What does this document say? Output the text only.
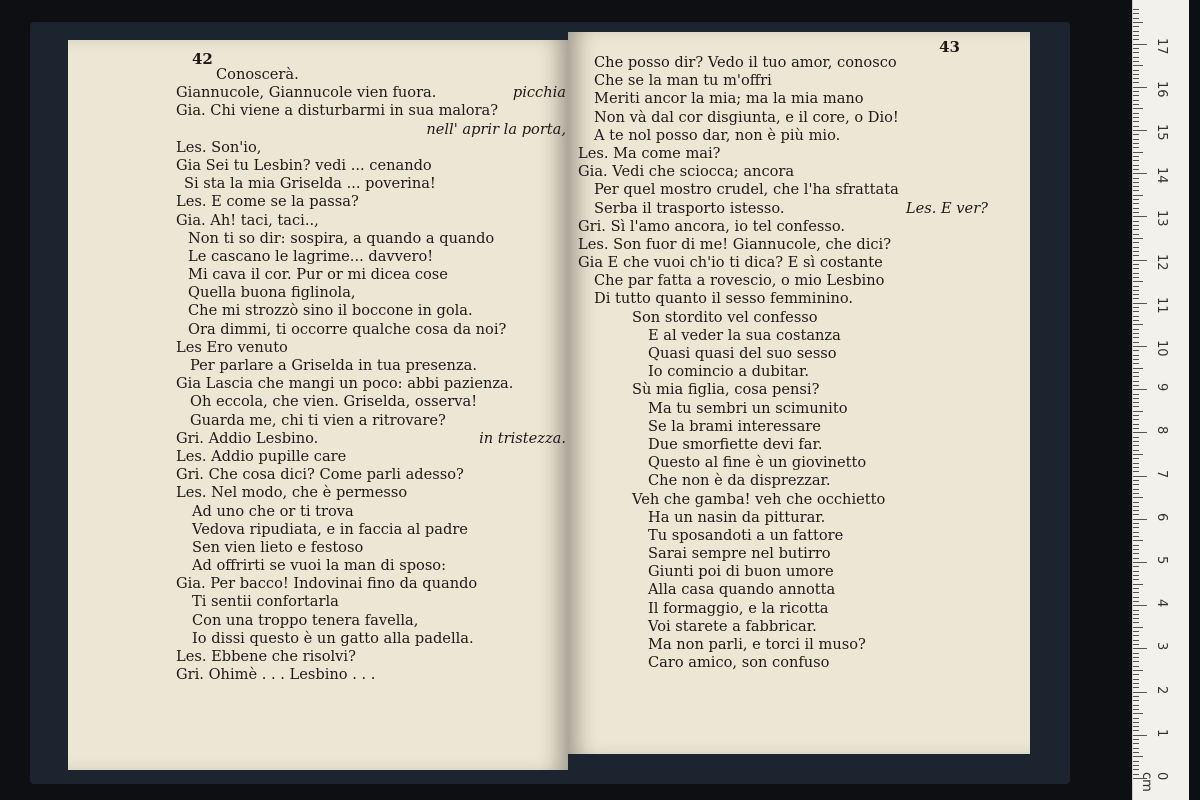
42
Conoscerà.
Giannucole, Giannucole vien fuora.	picchia
Gia. Chi viene a disturbarmi in sua malora?
nell' aprir la porta,
Les. Son'io,
Gia Sei tu Lesbin? vedi ... cenando
Si sta la mia Griselda ... poverina!
Les. E come se la passa?
Gia. Ah! taci, taci..,
Non ti so dir: sospira, a quando a quando
Le cascano le lagrime... davvero!
Mi cava il cor. Pur or mi dicea cose
Quella buona figlinola,
Che mi strozzò sino il boccone in gola.
Ora dimmi, ti occorre qualche cosa da noi?
Les Ero venuto
Per parlare a Griselda in tua presenza.
Gia Lascia che mangi un poco: abbi pazienza.
Oh eccola, che vien. Griselda, osserva!
Guarda me, chi ti vien a ritrovare?
Gri. Addio Lesbino.	in tristezza.
Les. Addio pupille care
Gri. Che cosa dici? Come parli adesso?
Les. Nel modo, che è permesso
Ad uno che or ti trova
Vedova ripudiata, e in faccia al padre
Sen vien lieto e festoso
Ad offrirti se vuoi la man di sposo:
Gia. Per bacco! Indovinai fino da quando
Ti sentii confortarla
Con una troppo tenera favella,
Io dissi questo è un gatto alla padella.
Les. Ebbene che risolvi?
Gri. Ohimè . . . Lesbino . . .
43
Che posso dir? Vedo il tuo amor, conosco
Che se la man tu m'offri
Meriti ancor la mia; ma la mia mano
Non và dal cor disgiunta, e il core, o Dio!
A te nol posso dar, non è più mio.
Les. Ma come mai?
Gia. Vedi che sciocca; ancora
Per quel mostro crudel, che l'ha sfrattata
Serba il trasporto istesso.	Les. E ver?
Gri. Sì l'amo ancora, io tel confesso.
Les. Son fuor di me! Giannucole, che dici?
Gia E che vuoi ch'io ti dica? E sì costante
Che par fatta a rovescio, o mio Lesbino
Di tutto quanto il sesso femminino.
Son stordito vel confesso
E al veder la sua costanza
Quasi quasi del suo sesso
Io comincio a dubitar.
Sù mia figlia, cosa pensi?
Ma tu sembri un scimunito
Se la brami interessare
Due smorfiette devi far.
Questo al fine è un giovinetto
Che non è da disprezzar.
Veh che gamba! veh che occhietto
Ha un nasin da pitturar.
Tu sposandoti a un fattore
Sarai sempre nel butirro
Giunti poi di buon umore
Alla casa quando annotta
Il formaggio, e la ricotta
Voi starete a fabbricar.
Ma non parli, e torci il muso?
Caro amico, son confuso
0 cm
1
2
3
4
5
6
7
8
9
10
11
12
13
14
15
16
17
